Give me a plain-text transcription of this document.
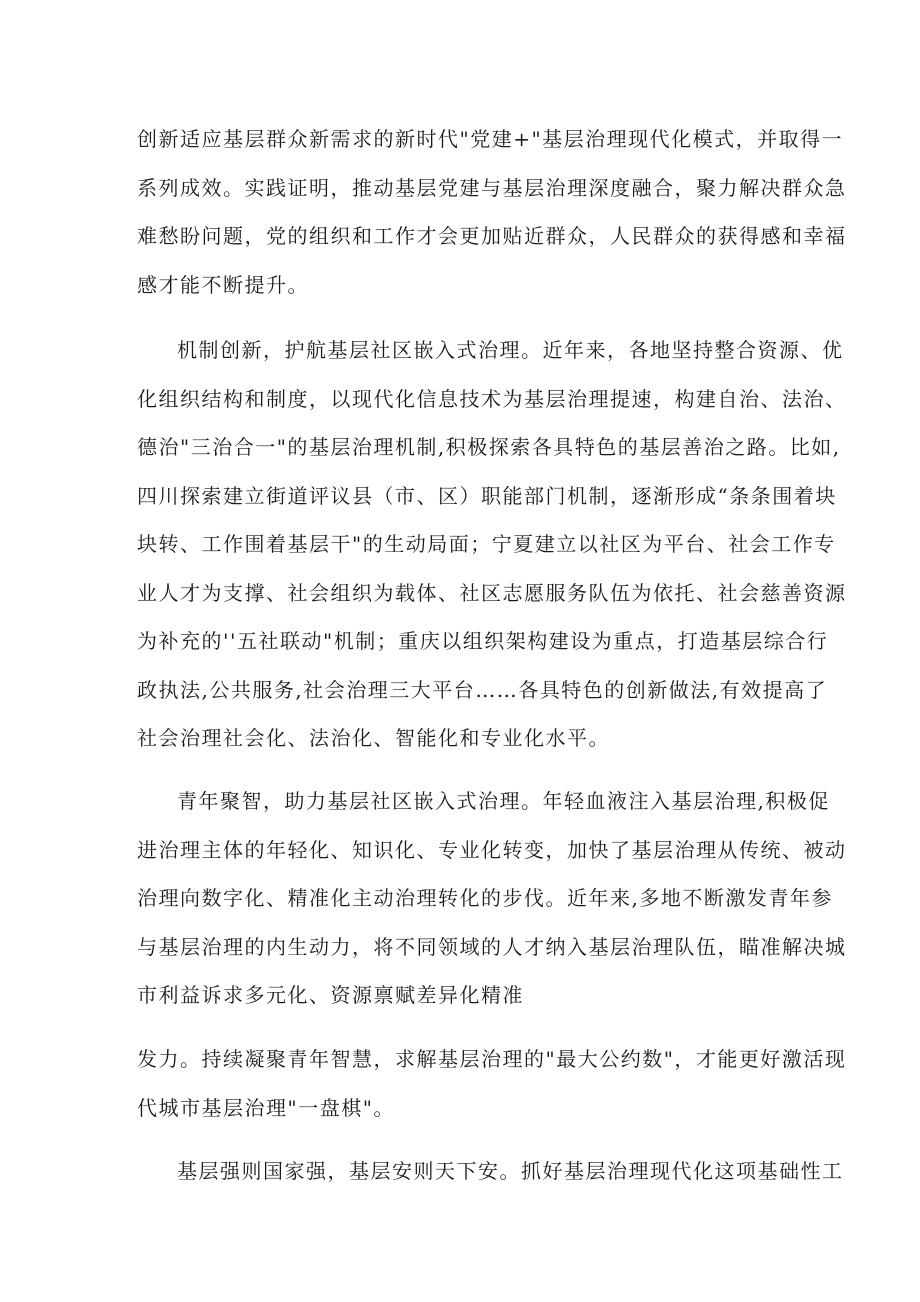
创新适应基层群众新需求的新时代"党建+"基层治理现代化模式，并取得一
系列成效。实践证明，推动基层党建与基层治理深度融合，聚力解决群众急
难愁盼问题，党的组织和工作才会更加贴近群众，人民群众的获得感和幸福
感才能不断提升。
机制创新，护航基层社区嵌入式治理。近年来，各地坚持整合资源、优
化组织结构和制度，以现代化信息技术为基层治理提速，构建自治、法治、
德治"三治合一"的基层治理机制,积极探索各具特色的基层善治之路。比如,
四川探索建立街道评议县（市、区）职能部门机制，逐渐形成“条条围着块
块转、工作围着基层干"的生动局面；宁夏建立以社区为平台、社会工作专
业人才为支撑、社会组织为载体、社区志愿服务队伍为依托、社会慈善资源
为补充的''五社联动"机制；重庆以组织架构建设为重点，打造基层综合行
政执法,公共服务,社会治理三大平台……各具特色的创新做法,有效提高了
社会治理社会化、法治化、智能化和专业化水平。
青年聚智，助力基层社区嵌入式治理。年轻血液注入基层治理,积极促
进治理主体的年轻化、知识化、专业化转变，加快了基层治理从传统、被动
治理向数字化、精准化主动治理转化的步伐。近年来,多地不断激发青年参
与基层治理的内生动力，将不同领域的人才纳入基层治理队伍，瞄准解决城
市利益诉求多元化、资源禀赋差异化精准
发力。持续凝聚青年智慧，求解基层治理的"最大公约数"，才能更好激活现
代城市基层治理"一盘棋"。
基层强则国家强，基层安则天下安。抓好基层治理现代化这项基础性工
